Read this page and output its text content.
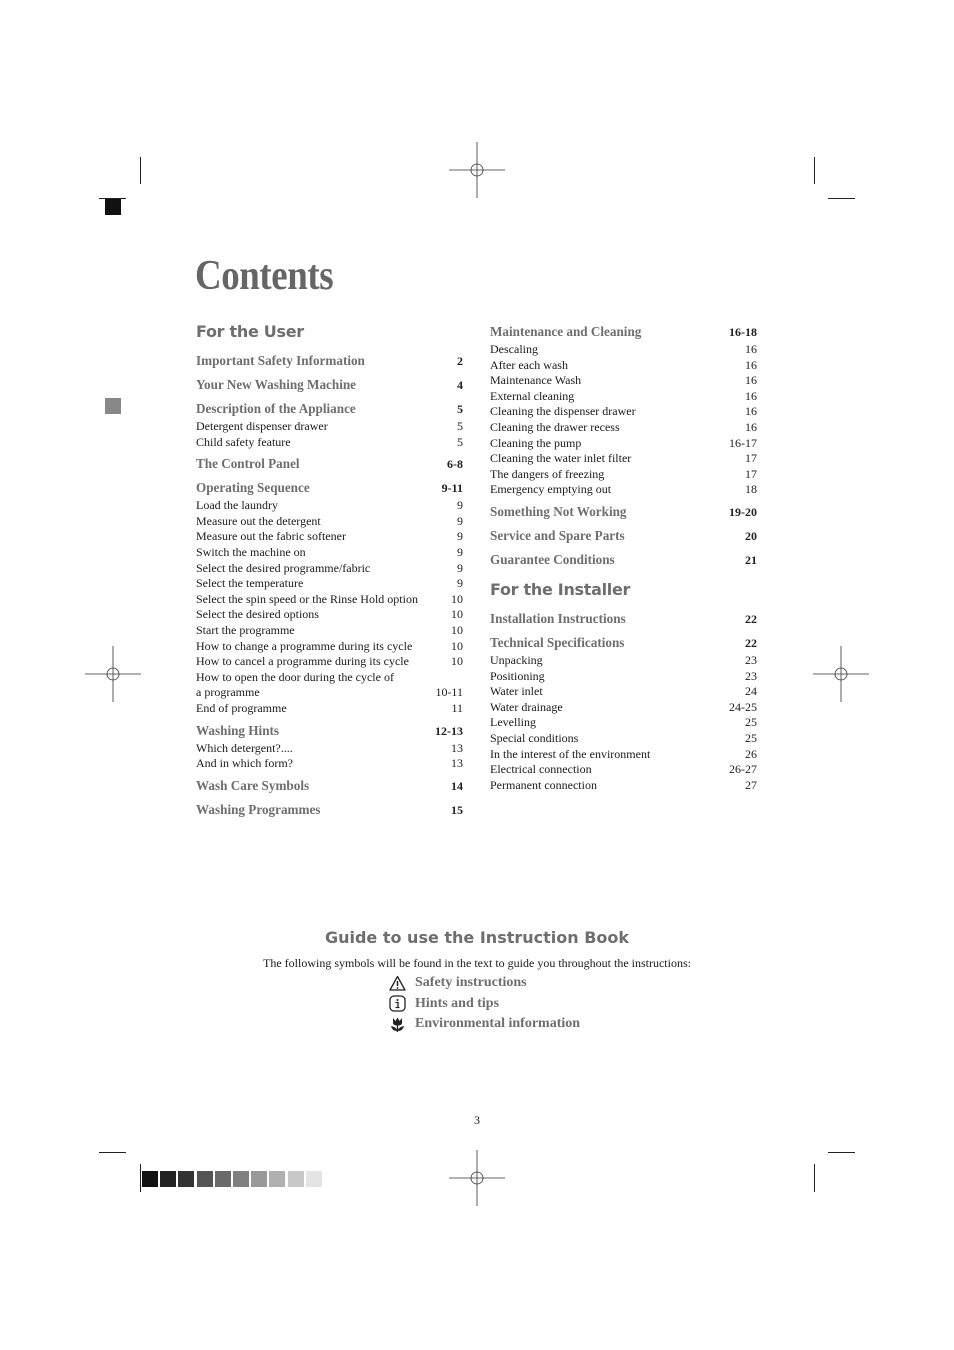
Contents
For the User
Important Safety Information	2
Your New Washing Machine	4
Description of the Appliance	5
Detergent dispenser drawer	5
Child safety feature	5
The Control Panel	6-8
Operating Sequence	9-11
Load the laundry	9
Measure out the detergent	9
Measure out the fabric softener	9
Switch the machine on	9
Select the desired programme/fabric	9
Select the temperature	9
Select the spin speed or the Rinse Hold option	10
Select the desired options	10
Start the programme	10
How to change a programme during its cycle	10
How to cancel a programme during its cycle	10
How to open the door during the cycle of
a programme	10-11
End of programme	11
Washing Hints	12-13
Which detergent?....	13
And in which form?	13
Wash Care Symbols	14
Washing Programmes	15
Maintenance and Cleaning	16-18
Descaling	16
After each wash	16
Maintenance Wash	16
External cleaning	16
Cleaning the dispenser drawer	16
Cleaning the drawer recess	16
Cleaning the pump	16-17
Cleaning the water inlet filter	17
The dangers of freezing	17
Emergency emptying out	18
Something Not Working	19-20
Service and Spare Parts	20
Guarantee Conditions	21
For the Installer
Installation Instructions	22
Technical Specifications	22
Unpacking	23
Positioning	23
Water inlet	24
Water drainage	24-25
Levelling	25
Special conditions	25
In the interest of the environment	26
Electrical connection	26-27
Permanent connection	27
Guide to use the Instruction Book
The following symbols will be found in the text to guide you throughout the instructions:
Safety instructions
Hints and tips
Environmental information
3
